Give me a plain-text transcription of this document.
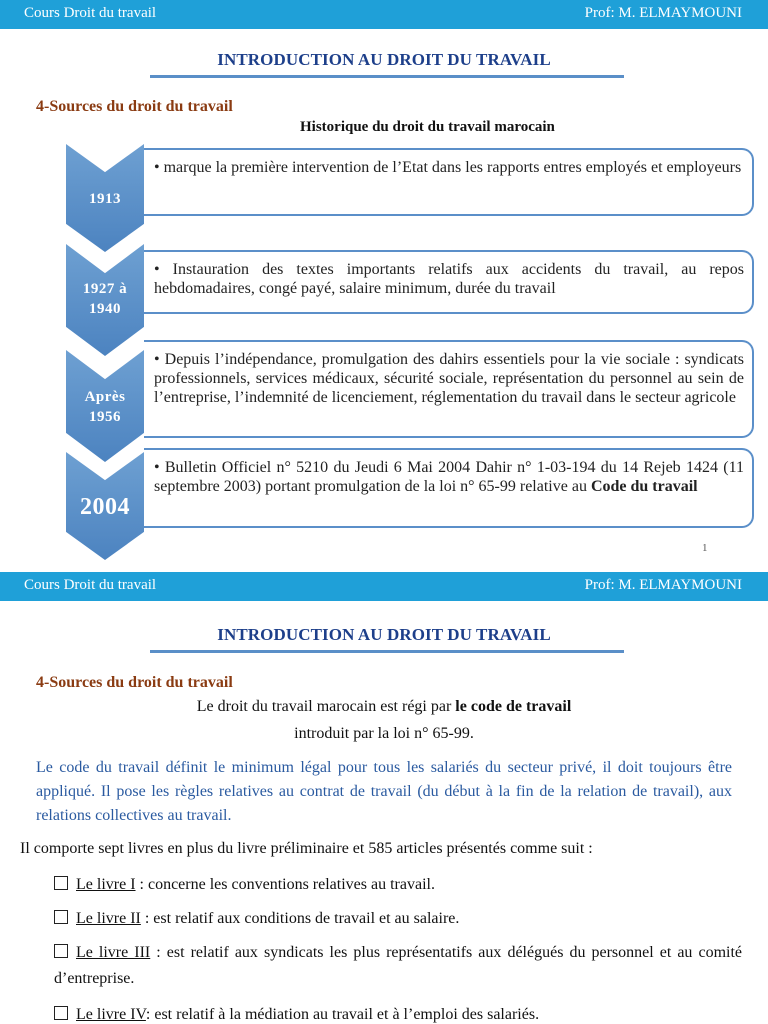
Cours Droit du travail	Prof: M. ELMAYMOUNI
INTRODUCTION AU DROIT DU TRAVAIL
4-Sources du droit du travail
Historique du droit du travail marocain
1913

• marque la première intervention de l’Etat dans les rapports entres employés et employeurs

1927 à
1940

• Instauration des textes importants relatifs aux accidents du travail, au repos hebdomadaires, congé payé, salaire minimum, durée du travail

Après
1956

• Depuis l’indépendance, promulgation des dahirs essentiels pour la vie sociale : syndicats professionnels, services médicaux, sécurité sociale, représentation du personnel au sein de l’entreprise, l’indemnité de licenciement, réglementation du travail dans le secteur agricole

2004

• Bulletin Officiel n° 5210 du Jeudi 6 Mai 2004 Dahir n° 1-03-194 du 14 Rejeb 1424 (11 septembre 2003) portant promulgation de la loi n° 65-99 relative au Code du travail

1
Cours Droit du travail	Prof: M. ELMAYMOUNI
INTRODUCTION AU DROIT DU TRAVAIL
4-Sources du droit du travail
Le droit du travail marocain est régi par le code de travail
introduit par la loi n° 65-99.
Le code du travail définit le minimum légal pour tous les salariés du secteur privé, il doit toujours être appliqué. Il pose les règles relatives au contrat de travail (du début à la fin de la relation de travail), aux relations collectives au travail.
Il comporte sept livres en plus du livre préliminaire et 585 articles présentés comme suit :
Le livre I : concerne les conventions relatives au travail.
Le livre II : est relatif aux conditions de travail et au salaire.
Le livre III : est relatif aux syndicats les plus représentatifs aux délégués du personnel et au comité d’entreprise.
Le livre IV: est relatif à la médiation au travail et à l’emploi des salariés.
